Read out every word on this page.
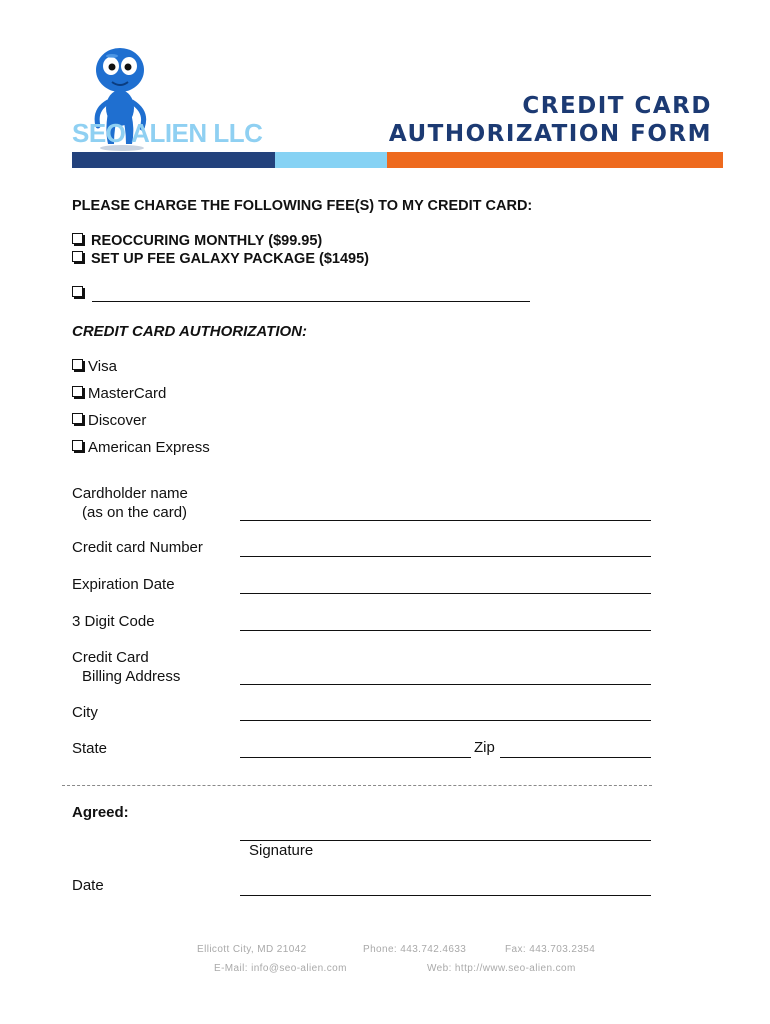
SEO ALIEN LLC
CREDIT CARD
AUTHORIZATION FORM
PLEASE CHARGE THE FOLLOWING FEE(S) TO MY CREDIT CARD:
REOCCURING MONTHLY ($99.95)
SET UP FEE GALAXY PACKAGE ($1495)
CREDIT CARD AUTHORIZATION:
Visa
MasterCard
Discover
American Express
Cardholder name
(as on the card)
Credit card Number
Expiration Date
3 Digit Code
Credit Card
Billing Address
City
State	Zip
Agreed:
Signature
Date
Ellicott City, MD 21042	Phone: 443.742.4633	Fax: 443.703.2354
E-Mail: info@seo-alien.com	Web: http://www.seo-alien.com
